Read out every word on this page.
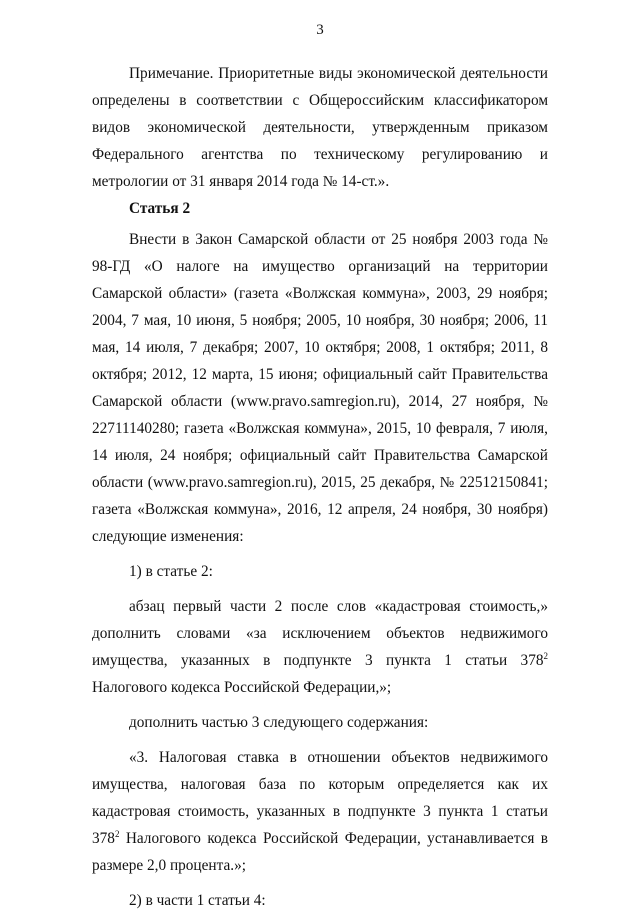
3

Примечание. Приоритетные виды экономической деятельности определены в соответствии с Общероссийским классификатором видов экономической деятельности, утвержденным приказом Федерального агентства по техническому регулированию и метрологии от 31 января 2014 года № 14-ст.».

Статья 2

Внести в Закон Самарской области от 25 ноября 2003 года № 98-ГД «О налоге на имущество организаций на территории Самарской области» (газета «Волжская коммуна», 2003, 29 ноября; 2004, 7 мая, 10 июня, 5 ноября; 2005, 10 ноября, 30 ноября; 2006, 11 мая, 14 июля, 7 декабря; 2007, 10 октября; 2008, 1 октября; 2011, 8 октября; 2012, 12 марта, 15 июня; официальный сайт Правительства Самарской области (www.pravo.samregion.ru), 2014, 27 ноября, № 22711140280; газета «Волжская коммуна», 2015, 10 февраля, 7 июля, 14 июля, 24 ноября; официальный сайт Правительства Самарской области (www.pravo.samregion.ru), 2015, 25 декабря, № 22512150841; газета «Волжская коммуна», 2016, 12 апреля, 24 ноября, 30 ноября) следующие изменения:

1) в статье 2:

абзац первый части 2 после слов «кадастровая стоимость,» дополнить словами «за исключением объектов недвижимого имущества, указанных в подпункте 3 пункта 1 статьи $378^2$ Налогового кодекса Российской Федерации,»;

дополнить частью 3 следующего содержания:

«3. Налоговая ставка в отношении объектов недвижимого имущества, налоговая база по которым определяется как их кадастровая стоимость, указанных в подпункте 3 пункта 1 статьи $378^2$ Налогового кодекса Российской Федерации, устанавливается в размере 2,0 процента.»;

2) в части 1 статьи 4:
